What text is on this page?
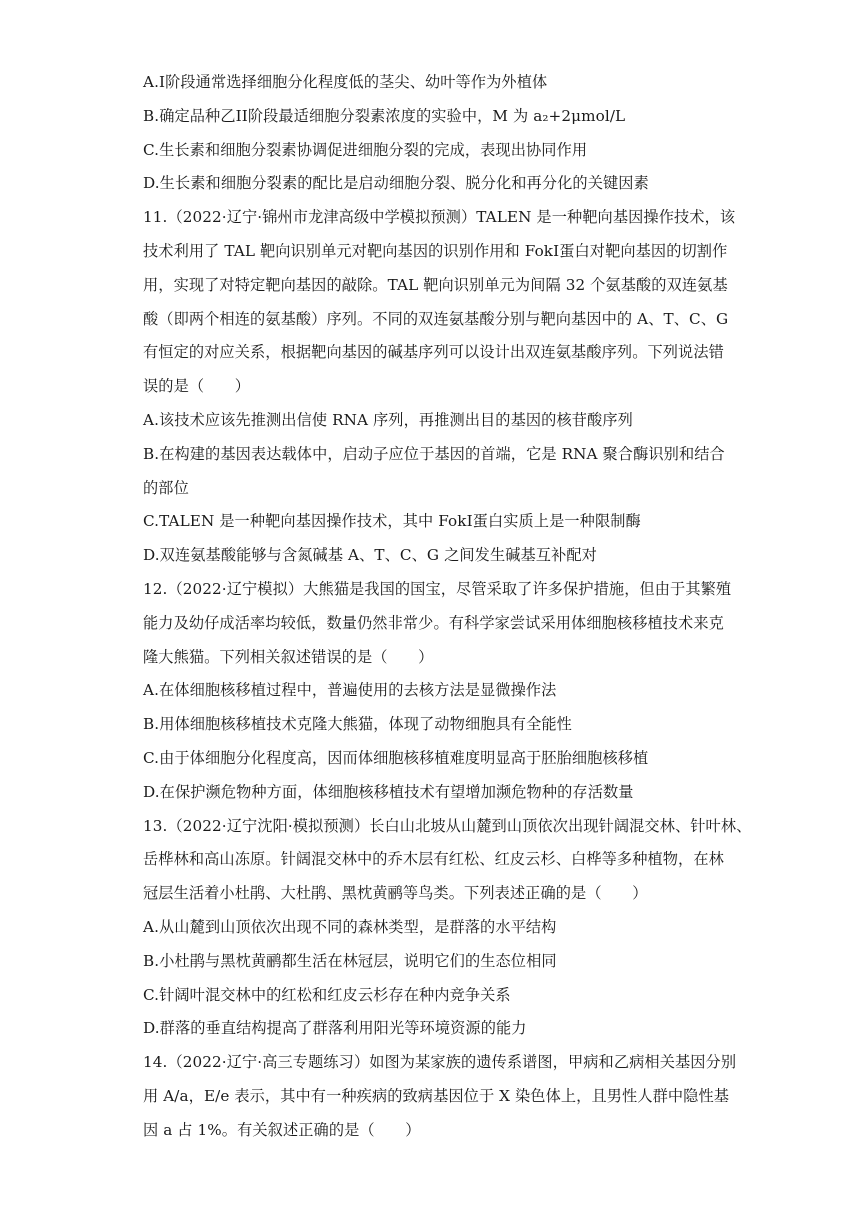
A.I阶段通常选择细胞分化程度低的茎尖、幼叶等作为外植体
B.确定品种乙II阶段最适细胞分裂素浓度的实验中，M 为 a₂+2μmol/L
C.生长素和细胞分裂素协调促进细胞分裂的完成，表现出协同作用
D.生长素和细胞分裂素的配比是启动细胞分裂、脱分化和再分化的关键因素
11.（2022·辽宁·锦州市龙津高级中学模拟预测）TALEN 是一种靶向基因操作技术，该
技术利用了 TAL 靶向识别单元对靶向基因的识别作用和 FokI蛋白对靶向基因的切割作
用，实现了对特定靶向基因的敲除。TAL 靶向识别单元为间隔 32 个氨基酸的双连氨基
酸（即两个相连的氨基酸）序列。不同的双连氨基酸分别与靶向基因中的 A、T、C、G
有恒定的对应关系，根据靶向基因的碱基序列可以设计出双连氨基酸序列。下列说法错
误的是（　　）
A.该技术应该先推测出信使 RNA 序列，再推测出目的基因的核苷酸序列
B.在构建的基因表达载体中，启动子应位于基因的首端，它是 RNA 聚合酶识别和结合
的部位
C.TALEN 是一种靶向基因操作技术，其中 FokI蛋白实质上是一种限制酶
D.双连氨基酸能够与含氮碱基 A、T、C、G 之间发生碱基互补配对
12.（2022·辽宁模拟）大熊猫是我国的国宝，尽管采取了许多保护措施，但由于其繁殖
能力及幼仔成活率均较低，数量仍然非常少。有科学家尝试采用体细胞核移植技术来克
隆大熊猫。下列相关叙述错误的是（　　）
A.在体细胞核移植过程中，普遍使用的去核方法是显微操作法
B.用体细胞核移植技术克隆大熊猫，体现了动物细胞具有全能性
C.由于体细胞分化程度高，因而体细胞核移植难度明显高于胚胎细胞核移植
D.在保护濒危物种方面，体细胞核移植技术有望增加濒危物种的存活数量
13.（2022·辽宁沈阳·模拟预测）长白山北坡从山麓到山顶依次出现针阔混交林、针叶林、
岳桦林和高山冻原。针阔混交林中的乔木层有红松、红皮云杉、白桦等多种植物，在林
冠层生活着小杜鹃、大杜鹃、黑枕黄鹂等鸟类。下列表述正确的是（　　）
A.从山麓到山顶依次出现不同的森林类型，是群落的水平结构
B.小杜鹃与黑枕黄鹂都生活在林冠层，说明它们的生态位相同
C.针阔叶混交林中的红松和红皮云杉存在种内竞争关系
D.群落的垂直结构提高了群落利用阳光等环境资源的能力
14.（2022·辽宁·高三专题练习）如图为某家族的遗传系谱图，甲病和乙病相关基因分别
用 A/a，E/e 表示，其中有一种疾病的致病基因位于 X 染色体上，且男性人群中隐性基
因 a 占 1%。有关叙述正确的是（　　）
